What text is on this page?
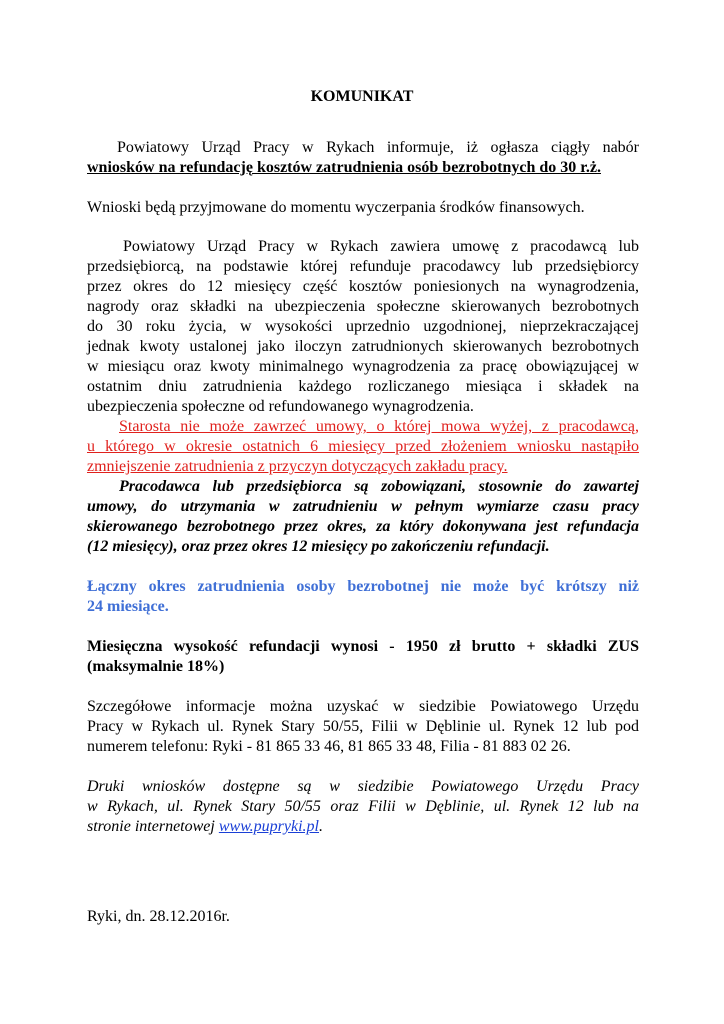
KOMUNIKAT
Powiatowy Urząd Pracy w Rykach informuje, iż ogłasza ciągły nabór
wniosków na refundację kosztów zatrudnienia osób bezrobotnych do 30 r.ż.
Wnioski będą przyjmowane do momentu wyczerpania środków finansowych.
Powiatowy Urząd Pracy w Rykach zawiera umowę z pracodawcą lub
przedsiębiorcą, na podstawie której refunduje pracodawcy lub przedsiębiorcy
przez okres do 12 miesięcy część kosztów poniesionych na wynagrodzenia,
nagrody oraz składki na ubezpieczenia społeczne skierowanych bezrobotnych
do 30 roku życia, w wysokości uprzednio uzgodnionej, nieprzekraczającej
jednak kwoty ustalonej jako iloczyn zatrudnionych skierowanych bezrobotnych
w miesiącu oraz kwoty minimalnego wynagrodzenia za pracę obowiązującej w
ostatnim dniu zatrudnienia każdego rozliczanego miesiąca i składek na
ubezpieczenia społeczne od refundowanego wynagrodzenia.
Starosta nie może zawrzeć umowy, o której mowa wyżej, z pracodawcą,
u którego w okresie ostatnich 6 miesięcy przed złożeniem wniosku nastąpiło
zmniejszenie zatrudnienia z przyczyn dotyczących zakładu pracy.
Pracodawca lub przedsiębiorca są zobowiązani, stosownie do zawartej
umowy, do utrzymania w zatrudnieniu w pełnym wymiarze czasu pracy
skierowanego bezrobotnego przez okres, za który dokonywana jest refundacja
(12 miesięcy), oraz przez okres 12 miesięcy po zakończeniu refundacji.
Łączny okres zatrudnienia osoby bezrobotnej nie może być krótszy niż
24 miesiące.
Miesięczna wysokość refundacji wynosi - 1950 zł brutto + składki ZUS
(maksymalnie 18%)
Szczegółowe informacje można uzyskać w siedzibie Powiatowego Urzędu
Pracy w Rykach ul. Rynek Stary 50/55, Filii w Dęblinie ul. Rynek 12 lub pod
numerem telefonu: Ryki - 81 865 33 46, 81 865 33 48, Filia - 81 883 02 26.
Druki wniosków dostępne są w siedzibie Powiatowego Urzędu Pracy
w Rykach, ul. Rynek Stary 50/55 oraz Filii w Dęblinie, ul. Rynek 12 lub na
stronie internetowej www.pupryki.pl.
Ryki, dn. 28.12.2016r.
